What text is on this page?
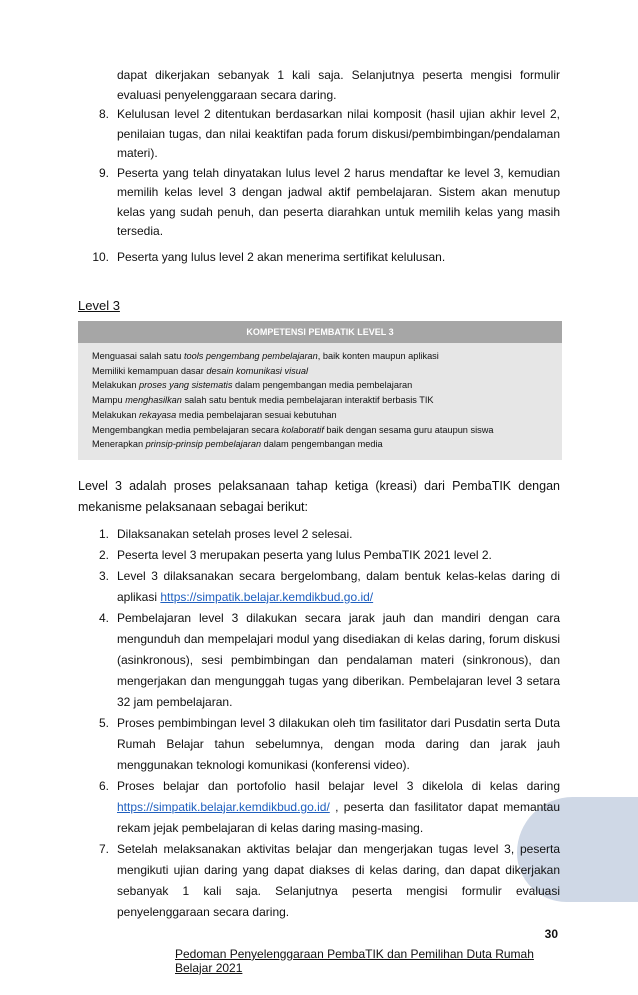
dapat dikerjakan sebanyak 1 kali saja. Selanjutnya peserta mengisi formulir evaluasi penyelenggaraan secara daring.
8. Kelulusan level 2 ditentukan berdasarkan nilai komposit (hasil ujian akhir level 2, penilaian tugas, dan nilai keaktifan pada forum diskusi/pembimbingan/pendalaman materi).
9. Peserta yang telah dinyatakan lulus level 2 harus mendaftar ke level 3, kemudian memilih kelas level 3 dengan jadwal aktif pembelajaran. Sistem akan menutup kelas yang sudah penuh, dan peserta diarahkan untuk memilih kelas yang masih tersedia.
10. Peserta yang lulus level 2 akan menerima sertifikat kelulusan.
Level 3
KOMPETENSI PEMBATIK LEVEL 3
Menguasai salah satu tools pengembang pembelajaran, baik konten maupun aplikasi
Memiliki kemampuan dasar desain komunikasi visual
Melakukan proses yang sistematis dalam pengembangan media pembelajaran
Mampu menghasilkan salah satu bentuk media pembelajaran interaktif berbasis TIK
Melakukan rekayasa media pembelajaran sesuai kebutuhan
Mengembangkan media pembelajaran secara kolaboratif baik dengan sesama guru ataupun siswa
Menerapkan prinsip-prinsip pembelajaran dalam pengembangan media
Level 3 adalah proses pelaksanaan tahap ketiga (kreasi) dari PembaTIK dengan mekanisme pelaksanaan sebagai berikut:
1. Dilaksanakan setelah proses level 2 selesai.
2. Peserta level 3 merupakan peserta yang lulus PembaTIK 2021 level 2.
3. Level 3 dilaksanakan secara bergelombang, dalam bentuk kelas-kelas daring di aplikasi https://simpatik.belajar.kemdikbud.go.id/
4. Pembelajaran level 3 dilakukan secara jarak jauh dan mandiri dengan cara mengunduh dan mempelajari modul yang disediakan di kelas daring, forum diskusi (asinkronous), sesi pembimbingan dan pendalaman materi (sinkronous), dan mengerjakan dan mengunggah tugas yang diberikan. Pembelajaran level 3 setara 32 jam pembelajaran.
5. Proses pembimbingan level 3 dilakukan oleh tim fasilitator dari Pusdatin serta Duta Rumah Belajar tahun sebelumnya, dengan moda daring dan jarak jauh menggunakan teknologi komunikasi (konferensi video).
6. Proses belajar dan portofolio hasil belajar level 3 dikelola di kelas daring https://simpatik.belajar.kemdikbud.go.id/ , peserta dan fasilitator dapat memantau rekam jejak pembelajaran di kelas daring masing-masing.
7. Setelah melaksanakan aktivitas belajar dan mengerjakan tugas level 3, peserta mengikuti ujian daring yang dapat diakses di kelas daring, dan dapat dikerjakan sebanyak 1 kali saja. Selanjutnya peserta mengisi formulir evaluasi penyelenggaraan secara daring.
30
Pedoman Penyelenggaraan PembaTIK dan Pemilihan Duta Rumah Belajar 2021
